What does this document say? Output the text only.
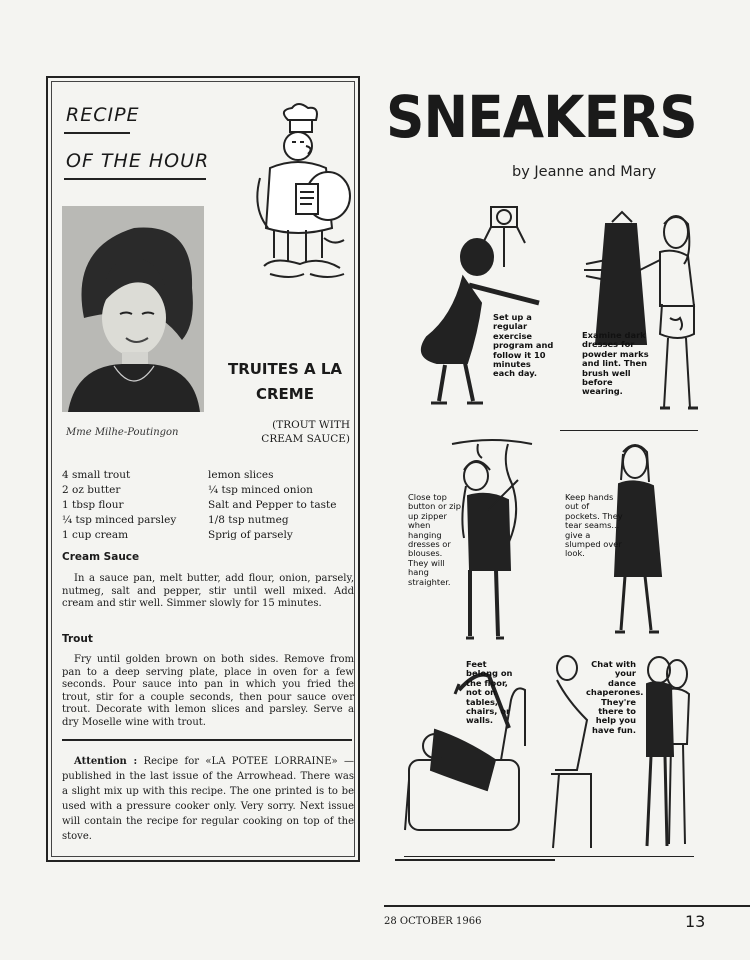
RECIPE
OF THE HOUR
Mme Milhe-Poutingon
TRUITES A LA
CREME
(TROUT WITH
CREAM SAUCE)
4 small trout
2 oz butter
1 tbsp flour
¼ tsp minced parsley
1 cup cream
lemon slices
¼ tsp minced onion
Salt and Pepper to taste
1/8 tsp nutmeg
Sprig of parsely
Cream Sauce
In a sauce pan, melt butter, add flour, onion, parsely, nutmeg, salt and pepper, stir until well mixed. Add cream and stir well. Simmer slowly for 15 minutes.
Trout
Fry until golden brown on both sides. Remove from pan to a deep serving plate, place in oven for a few seconds. Pour sauce into pan in which you fried the trout, stir for a couple seconds, then pour sauce over trout. Decorate with lemon slices and parsley. Serve a dry Moselle wine with trout.
Attention : Recipe for «LA POTEE LORRAINE» — published in the last issue of the Arrowhead. There was a slight mix up with this recipe. The one printed is to be used with a pressure cooker only. Very sorry. Next issue will contain the recipe for regular cooking on top of the stove.
SNEAKERS
by Jeanne and Mary
Set up a regular exercise program and follow it 10 minutes each day.
Examine dark dresses for powder marks and lint. Then brush well before wearing.
Close top button or zip up zipper when hanging dresses or blouses. They will hang straighter.
Keep hands out of pockets. They tear seams... give a slumped over look.
Feet belong on the floor, not on tables, chairs, or walls.
Chat with your dance chaperones. They're there to help you have fun.
28 OCTOBER 1966	13
